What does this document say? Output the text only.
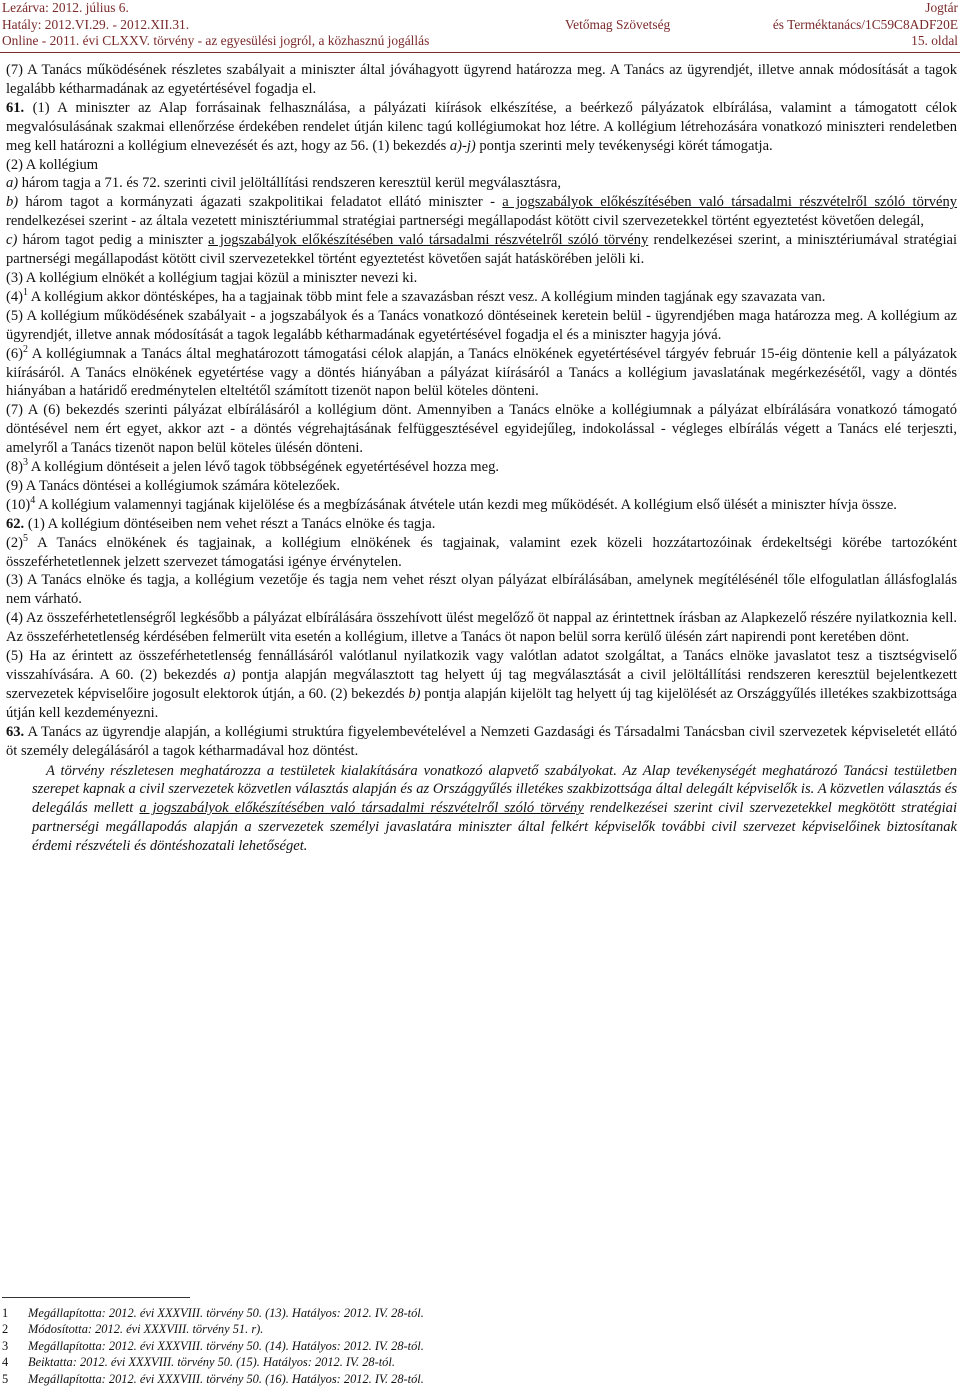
Lezárva: 2012. július 6.	Jogtár
Hatály: 2012.VI.29. - 2012.XII.31.	Vetőmag Szövetség	és Terméktanács/1C59C8ADF20E
Online - 2011. évi CLXXV. törvény - az egyesülési jogról, a közhasznú jogállás	15. oldal

(7) A Tanács működésének részletes szabályait a miniszter által jóváhagyott ügyrend határozza meg. A Tanács az ügyrendjét, illetve annak módosítását a tagok legalább kétharmadának az egyetértésével fogadja el.

61. (1) A miniszter az Alap forrásainak felhasználása, a pályázati kiírások elkészítése, a beérkező pályázatok elbírálása, valamint a támogatott célok megvalósulásának szakmai ellenőrzése érdekében rendelet útján kilenc tagú kollégiumokat hoz létre. A kollégium létrehozására vonatkozó miniszteri rendeletben meg kell határozni a kollégium elnevezését és azt, hogy az 56. (1) bekezdés a)-j) pontja szerinti mely tevékenységi körét támogatja.

(2) A kollégium

a) három tagja a 71. és 72. szerinti civil jelöltállítási rendszeren keresztül kerül megválasztásra,

b) három tagot a kormányzati ágazati szakpolitikai feladatot ellátó miniszter - a jogszabályok előkészítésében való társadalmi részvételről szóló törvény rendelkezései szerint - az általa vezetett minisztériummal stratégiai partnerségi megállapodást kötött civil szervezetekkel történt egyeztetést követően delegál,

c) három tagot pedig a miniszter a jogszabályok előkészítésében való társadalmi részvételről szóló törvény rendelkezései szerint, a minisztériumával stratégiai partnerségi megállapodást kötött civil szervezetekkel történt egyeztetést követően saját hatáskörében jelöli ki.

(3) A kollégium elnökét a kollégium tagjai közül a miniszter nevezi ki.

$(4)^1$ A kollégium akkor döntésképes, ha a tagjainak több mint fele a szavazásban részt vesz. A kollégium minden tagjának egy szavazata van.

(5) A kollégium működésének szabályait - a jogszabályok és a Tanács vonatkozó döntéseinek keretein belül - ügyrendjében maga határozza meg. A kollégium az ügyrendjét, illetve annak módosítását a tagok legalább kétharmadának egyetértésével fogadja el és a miniszter hagyja jóvá.

$(6)^2$ A kollégiumnak a Tanács által meghatározott támogatási célok alapján, a Tanács elnökének egyetértésével tárgyév február 15-éig döntenie kell a pályázatok kiírásáról. A Tanács elnökének egyetértése vagy a döntés hiányában a pályázat kiírásáról a Tanács a kollégium javaslatának megérkezésétől, vagy a döntés hiányában a határidő eredménytelen elteltétől számított tizenöt napon belül köteles dönteni.

(7) A (6) bekezdés szerinti pályázat elbírálásáról a kollégium dönt. Amennyiben a Tanács elnöke a kollégiumnak a pályázat elbírálására vonatkozó támogató döntésével nem ért egyet, akkor azt - a döntés végrehajtásának felfüggesztésével egyidejűleg, indokolással - végleges elbírálás végett a Tanács elé terjeszti, amelyről a Tanács tizenöt napon belül köteles ülésén dönteni.

$(8)^3$ A kollégium döntéseit a jelen lévő tagok többségének egyetértésével hozza meg.

(9) A Tanács döntései a kollégiumok számára kötelezőek.

$(10)^4$ A kollégium valamennyi tagjának kijelölése és a megbízásának átvétele után kezdi meg működését. A kollégium első ülését a miniszter hívja össze.

62. (1) A kollégium döntéseiben nem vehet részt a Tanács elnöke és tagja.

$(2)^5$ A Tanács elnökének és tagjainak, a kollégium elnökének és tagjainak, valamint ezek közeli hozzátartozóinak érdekeltségi körébe tartozóként összeférhetetlennek jelzett szervezet támogatási igénye érvénytelen.

(3) A Tanács elnöke és tagja, a kollégium vezetője és tagja nem vehet részt olyan pályázat elbírálásában, amelynek megítélésénél tőle elfogulatlan állásfoglalás nem várható.

(4) Az összeférhetetlenségről legkésőbb a pályázat elbírálására összehívott ülést megelőző öt nappal az érintettnek írásban az Alapkezelő részére nyilatkoznia kell. Az összeférhetetlenség kérdésében felmerült vita esetén a kollégium, illetve a Tanács öt napon belül sorra kerülő ülésén zárt napirendi pont keretében dönt.

(5) Ha az érintett az összeférhetetlenség fennállásáról valótlanul nyilatkozik vagy valótlan adatot szolgáltat, a Tanács elnöke javaslatot tesz a tisztségviselő visszahívására. A 60. (2) bekezdés a) pontja alapján megválasztott tag helyett új tag megválasztását a civil jelöltállítási rendszeren keresztül bejelentkezett szervezetek képviselőire jogosult elektorok útján, a 60. (2) bekezdés b) pontja alapján kijelölt tag helyett új tag kijelölését az Országgyűlés illetékes szakbizottsága útján kell kezdeményezni.

63. A Tanács az ügyrendje alapján, a kollégiumi struktúra figyelembevételével a Nemzeti Gazdasági és Társadalmi Tanácsban civil szervezetek képviseletét ellátó öt személy delegálásáról a tagok kétharmadával hoz döntést.

A törvény részletesen meghatározza a testületek kialakítására vonatkozó alapvető szabályokat. Az Alap tevékenységét meghatározó Tanácsi testületben szerepet kapnak a civil szervezetek közvetlen választás alapján és az Országgyűlés illetékes szakbizottsága által delegált képviselők is. A közvetlen választás és delegálás mellett a jogszabályok előkészítésében való társadalmi részvételről szóló törvény rendelkezései szerint civil szervezetekkel megkötött stratégiai partnerségi megállapodás alapján a szervezetek személyi javaslatára miniszter által felkért képviselők további civil szervezet képviselőinek biztosítanak érdemi részvételi és döntéshozatali lehetőséget.

1 Megállapította: 2012. évi XXXVIII. törvény 50. (13). Hatályos: 2012. IV. 28-tól.
2 Módosította: 2012. évi XXXVIII. törvény 51. r).
3 Megállapította: 2012. évi XXXVIII. törvény 50. (14). Hatályos: 2012. IV. 28-tól.
4 Beiktatta: 2012. évi XXXVIII. törvény 50. (15). Hatályos: 2012. IV. 28-tól.
5 Megállapította: 2012. évi XXXVIII. törvény 50. (16). Hatályos: 2012. IV. 28-tól.
